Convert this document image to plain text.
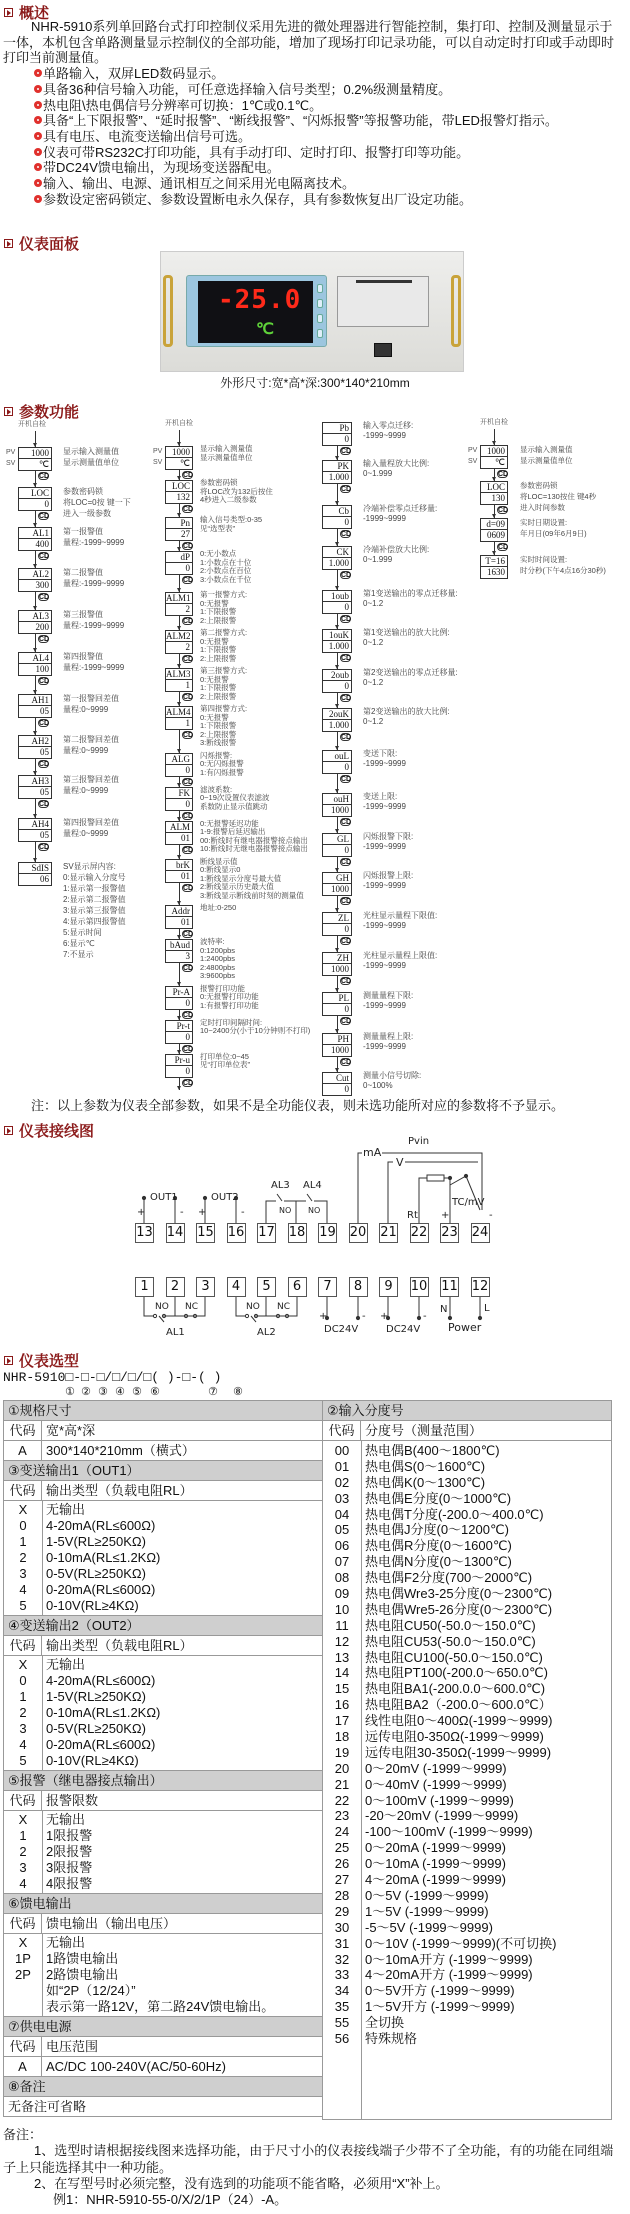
概述

NHR-5910系列单回路台式打印控制仪采用先进的微处理器进行智能控制，集打印、控制及测量显示于一体，本机包含单路测量显示控制仪的全部功能，增加了现场打印记录功能，可以自动定时打印或手动即时打印当前测量值。

单路输入，双屏LED数码显示。
具备36种信号输入功能，可任意选择输入信号类型；0.2%级测量精度。
热电阻\热电偶信号分辨率可切换：1℃或0.1℃。
具备“上下限报警”、“延时报警”、“断线报警”、“闪烁报警”等报警功能，带LED报警灯指示。
具有电压、电流变送输出信号可选。
仪表可带RS232C打印功能，具有手动打印、定时打印、报警打印等功能。
带DC24V馈电输出，为现场变送器配电。
输入、输出、电源、通讯相互之间采用光电隔离技术。
参数设定密码锁定、参数设置断电永久保存，具有参数恢复出厂设定功能。
仪表面板
-25.0
℃
外形尺寸:宽*高*深:300*140*210mm
参数功能
开机自检
PV
SV
1000
℃
显示输入测量值
显示测量值单位
CD
LOC
0
参数密码锁
将LOC=0按 键一下
进入一级参数
CD
AL1
400
第一报警值
量程:-1999~9999
CD
AL2
300
第二报警值
量程:-1999~9999
CD
AL3
200
第三报警值
量程:-1999~9999
CD
AL4
100
第四报警值
量程:-1999~9999
CD
AH1
05
第一报警回差值
量程:0~9999
CD
AH2
05
第二报警回差值
量程:0~9999
CD
AH3
05
第三报警回差值
量程:0~9999
CD
AH4
05
第四报警回差值
量程:0~9999
CD
SdIS
06
SV显示屏内容:
0:显示输入分度号
1:显示第一报警值
2:显示第二报警值
3:显示第三报警值
4:显示第四报警值
5:显示时间
6:显示℃
7:不显示
开机自检
PV
SV
1000
℃
显示输入测量值
显示测量值单位
CD
LOC
132
参数密码锁
将LOC改为132后按住
4秒进入二级参数
CD
Pn
27
输入信号类型:0-35
见“选型表”
CD
dP
0
0:无小数点
1:小数点在十位
2:小数点在百位
3:小数点在千位
CD
ALM1
2
第一报警方式:
0:无报警
1:下限报警
2:上限报警
CD
ALM2
2
第二报警方式:
0:无报警
1:下限报警
2:上限报警
CD
ALM3
1
第三报警方式:
0:无报警
1:下限报警
2:上限报警
CD
ALM4
1
第四报警方式:
0:无报警
1:下限报警
2:上限报警
3:断线报警
CD
ALG
0
闪烁报警:
0:无闪烁报警
1:有闪烁报警
CD
FK
0
滤波系数:
0~19次设置仪表滤波
系数防止显示值跳动
CD
ALM
01
0:无报警延迟功能
1-9:报警后延迟输出
00:断线时有继电器报警接点输出
10:断线时无继电器报警接点输出
CD
brK
01
断线显示值
0:断线显示0
1:断线显示分度号最大值
2:断线显示历史最大值
3:断线显示断线前时刻的测量值
CD
Addr
01
地址:0-250
CD
bAud
3
波特率:
0:1200pbs
1:2400pbs
2:4800pbs
3:9600pbs
CD
Pr-A
0
报警打印功能
0:无报警打印功能
1:有报警打印功能
CD
Pr-t
0
定时打印间隔时间:
10~2400分(小于10分钟则不打印)
CD
Pr-u
0
打印单位:0~45
见“打印单位表”
CD
Pb
0
输入零点迁移:
-1999~9999
CD
PK
1.000
输入量程放大比例:
0~1.999
CD
Cb
0
冷端补偿零点迁移量:
-1999~9999
CD
CK
1.000
冷端补偿放大比例:
0~1.999
CD
1oub
0
第1变送输出的零点迁移量:
0~1.2
CD
1ouK
1.000
第1变送输出的放大比例:
0~1.2
CD
2oub
0
第2变送输出的零点迁移量:
0~1.2
CD
2ouK
1.000
第2变送输出的放大比例:
0~1.2
CD
ouL
0
变送下限:
-1999~9999
CD
ouH
1000
变送上限:
-1999~9999
CD
GL
0
闪烁报警下限:
-1999~9999
CD
GH
1000
闪烁报警上限:
-1999~9999
CD
ZL
0
光柱显示量程下限值:
-1999~9999
CD
ZH
1000
光柱显示量程上限值:
-1999~9999
CD
PL
0
测量量程下限:
-1999~9999
CD
PH
1000
测量量程上限:
-1999~9999
CD
Cut
0
测量小信号切除:
0~100%
开机自检
PV
SV
1000
℃
显示输入测量值
显示测量值单位
CD
LOC
130
参数密码锁
将LOC=130按住 键4秒
进入时间参数
CD
d=09
0609
实时日期设置:
年月日(09年6月9日)
CD
T=16
1630
实时时间设置:
时分秒(下午4点16分30秒)
注：以上参数为仪表全部参数，如果不是全功能仪表，则未选功能所对应的参数将不予显示。
仪表接线图
OUT1	OUT2
+	- +	-
AL3 AL4
NO NO
Pvin
mA
V
Rt
TC/mV
+	-
NO NC	NO NC
AL1	AL2
+	- +	-
DC24V	DC24V
N	L
Power
13 14 15 16 17 18 19 20 21 22 23 24
1	2	3	4	5	6	7	8	9	10 11 12
仪表选型
NHR-5910□-□-□/□/□/□( )-□-( )
① ② ③ ④ ⑤ ⑥	⑦ ⑧
①规格尺寸
代码 宽*高*深
A	300*140*210mm（横式）
③变送输出1（OUT1）
代码 输出类型（负载电阻RL）
X	无输出
0	4-20mA(RL≤600Ω)
1	1-5V(RL≥250KΩ)
2	0-10mA(RL≤1.2KΩ)
3	0-5V(RL≥250KΩ)
4	0-20mA(RL≤600Ω)
5	0-10V(RL≥4KΩ)
④变送输出2（OUT2）
代码 输出类型（负载电阻RL）
X	无输出
0	4-20mA(RL≤600Ω)
1	1-5V(RL≥250KΩ)
2	0-10mA(RL≤1.2KΩ)
3	0-5V(RL≥250KΩ)
4	0-20mA(RL≤600Ω)
5	0-10V(RL≥4KΩ)
⑤报警（继电器接点输出）
代码 报警限数
X	无输出
1	1限报警
2	2限报警
3	3限报警
4	4限报警
⑥馈电输出
代码 馈电输出（输出电压）
X	无输出
1P	1路馈电输出
2P	2路馈电输出
如“2P（12/24）”
表示第一路12V，第二路24V馈电输出。
⑦供电电源
代码 电压范围
A	AC/DC 100-240V(AC/50-60Hz)
⑧备注
无备注可省略
②输入分度号
代码 分度号（测量范围）
00	热电偶B(400～1800℃)
01	热电偶S(0～1600℃)
02	热电偶K(0～1300℃)
03	热电偶E分度(0～1000℃)
04	热电偶T分度(-200.0～400.0℃)
05	热电偶J分度(0～1200℃)
06	热电偶R分度(0～1600℃)
07	热电偶N分度(0～1300℃)
08	热电偶F2分度(700～2000℃)
09	热电偶Wre3-25分度(0～2300℃)
10	热电偶Wre5-26分度(0～2300℃)
11	热电阻CU50(-50.0～150.0℃)
12	热电阻CU53(-50.0～150.0℃)
13	热电阻CU100(-50.0～150.0℃)
14	热电阻PT100(-200.0～650.0℃)
15	热电阻BA1(-200.0.0～600.0℃)
16	热电阻BA2（-200.0～600.0℃）
17	线性电阻0～400Ω(-1999～9999)
18	远传电阻0-350Ω(-1999～9999)
19	远传电阻30-350Ω(-1999～9999)
20	0～20mV (-1999～9999)
21	0～40mV (-1999～9999)
22	0～100mV (-1999～9999)
23	-20～20mV (-1999～9999)
24	-100～100mV (-1999～9999)
25	0～20mA (-1999～9999)
26	0～10mA (-1999～9999)
27	4～20mA (-1999～9999)
28	0～5V (-1999～9999)
29	1～5V (-1999～9999)
30	-5～5V (-1999～9999)
31	0～10V (-1999～9999)(不可切换)
32	0～10mA开方 (-1999～9999)
33	4～20mA开方 (-1999～9999)
34	0～5V开方 (-1999～9999)
35	1～5V开方 (-1999～9999)
55	全切换
56	特殊规格
备注：
1、选型时请根据接线图来选择功能，由于尺寸小的仪表接线端子少带不了全功能，有的功能在同组端子上只能选择其中一种功能。
2、在写型号时必须完整，没有选到的功能项不能省略，必须用“X”补上。
例1：NHR-5910-55-0/X/2/1P（24）-A。
